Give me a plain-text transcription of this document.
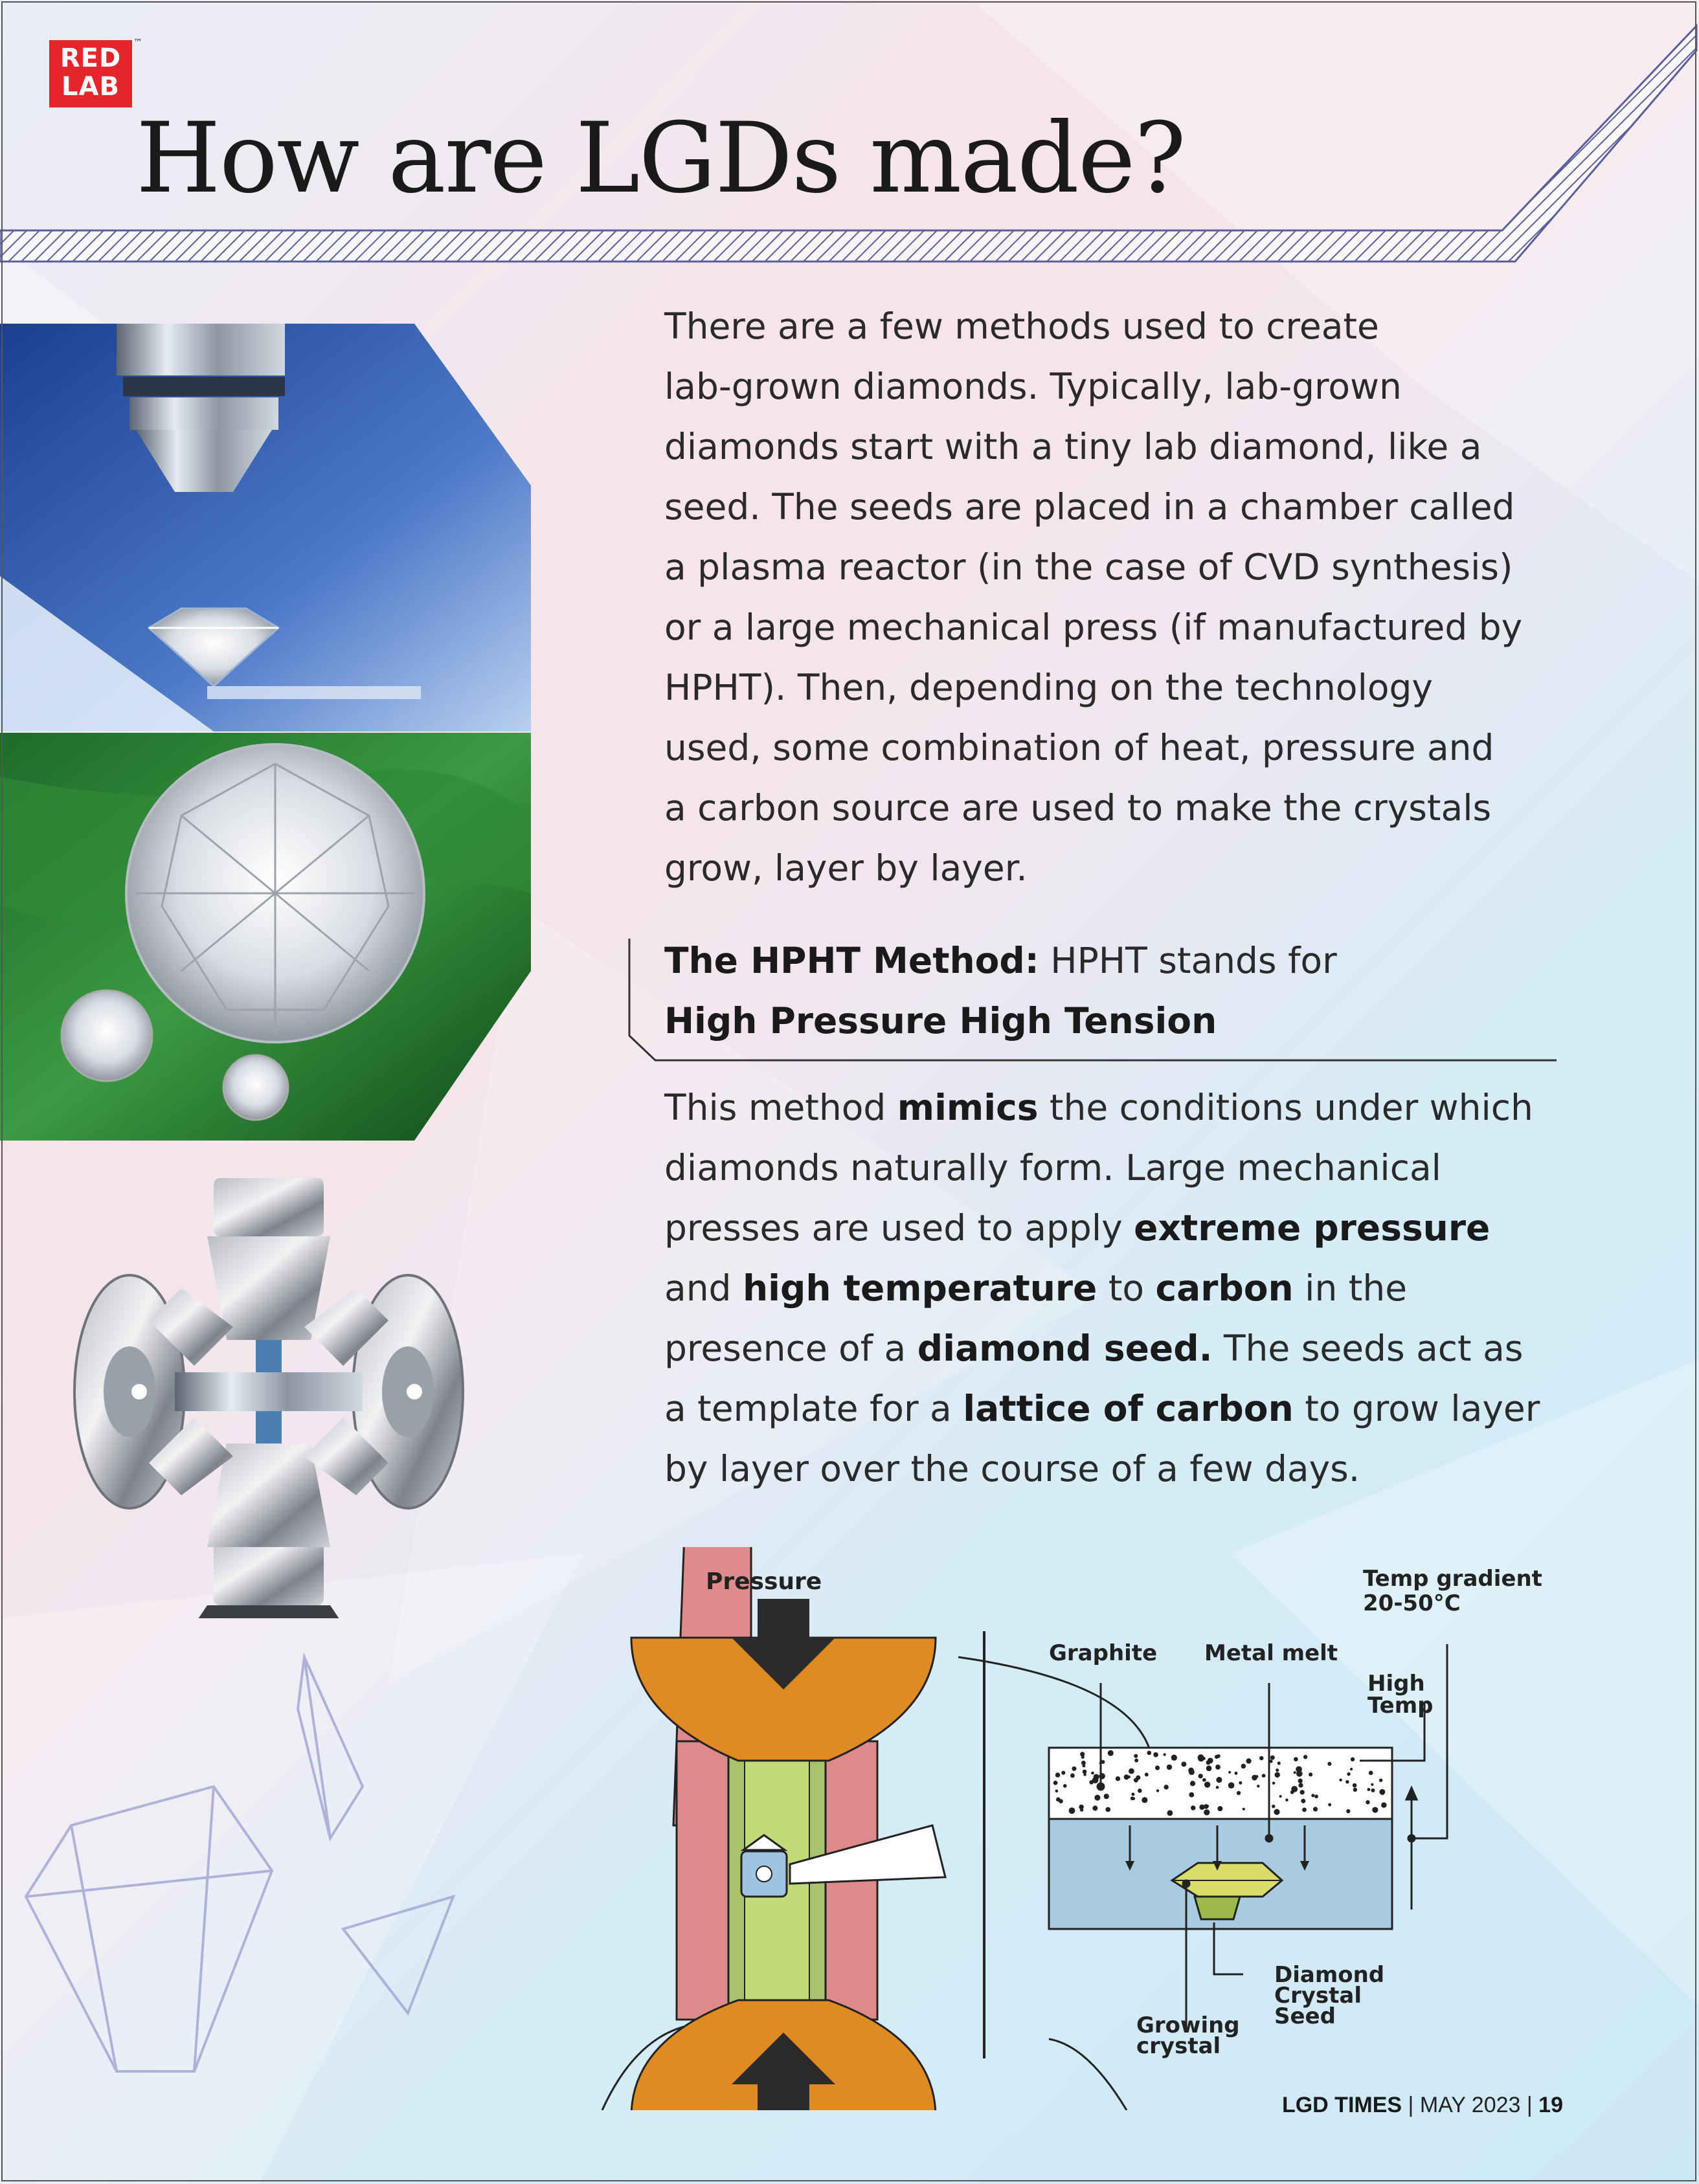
RED
LAB
™
How are LGDs made?

There are a few methods used to create
lab-grown diamonds. Typically, lab-grown
diamonds start with a tiny lab diamond, like a
seed. The seeds are placed in a chamber called
a plasma reactor (in the case of CVD synthesis)
or a large mechanical press (if manufactured by
HPHT). Then, depending on the technology
used, some combination of heat, pressure and
a carbon source are used to make the crystals
grow, layer by layer.

The HPHT Method: HPHT stands for
High Pressure High Tension

This method mimics the conditions under which
diamonds naturally form. Large mechanical
presses are used to apply extreme pressure
and high temperature to carbon in the
presence of a diamond seed. The seeds act as
a template for a lattice of carbon to grow layer
by layer over the course of a few days.

Pressure	Temp gradient
20-50°C
Graphite Metal melt
High
Temp
Diamond
Crystal
Seed
Growing
crystal
LGD TIMES | MAY 2023 | 19
